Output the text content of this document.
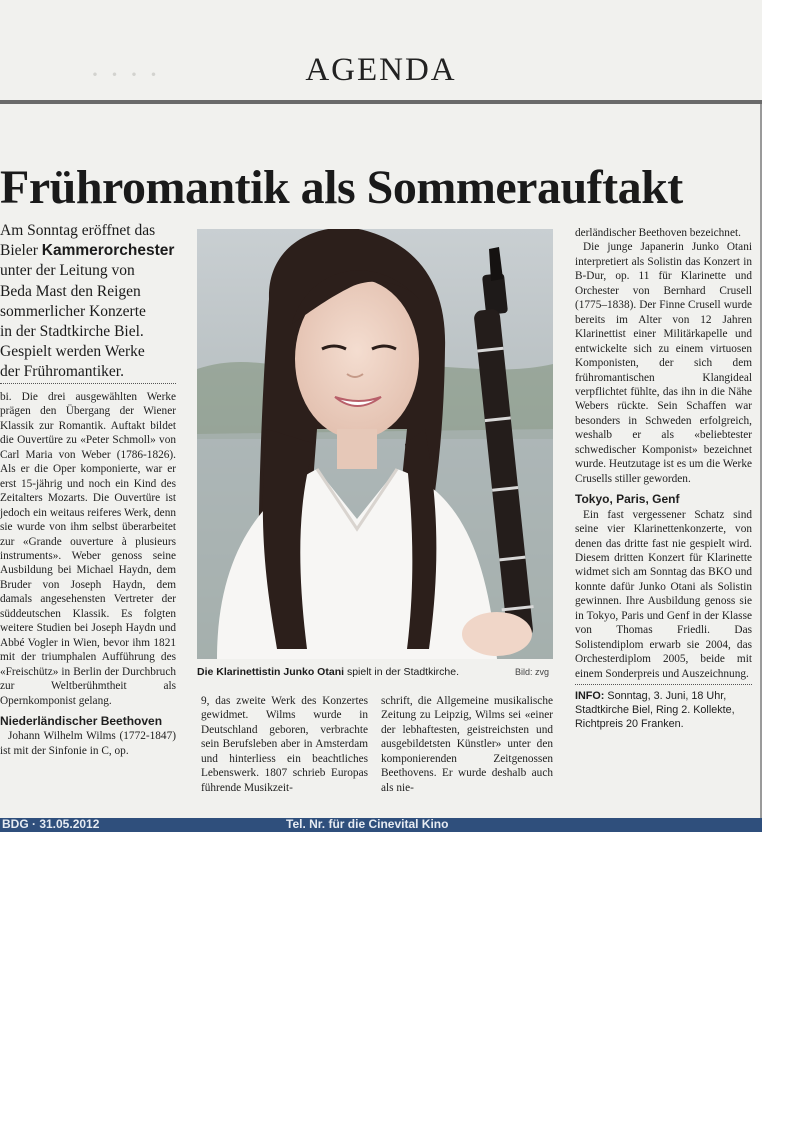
· · · ·	AGENDA
Frühromantik als Sommerauftakt
Am Sonntag eröffnet das
Bieler Kammerorchester
unter der Leitung von
Beda Mast den Reigen
sommerlicher Konzerte
in der Stadtkirche Biel.
Gespielt werden Werke
der Frühromantiker.

bi. Die drei ausgewählten Werke prägen den Übergang der Wiener Klassik zur Romantik. Auftakt bildet die Ouvertüre zu «Peter Schmoll» von Carl Maria von Weber (1786-1826). Als er die Oper komponierte, war er erst 15-jährig und noch ein Kind des Zeitalters Mozarts. Die Ouvertüre ist jedoch ein weitaus reiferes Werk, denn sie wurde von ihm selbst überarbeitet zur «Grande ouverture à plusieurs instruments». Weber genoss seine Ausbildung bei Michael Haydn, dem Bruder von Joseph Haydn, dem damals angesehensten Vertreter der süddeutschen Klassik. Es folgten weitere Studien bei Joseph Haydn und Abbé Vogler in Wien, bevor ihm 1821 mit der triumphalen Aufführung des «Freischütz» in Berlin der Durchbruch zur Weltberühmtheit als Opernkomponist gelang.

Niederländischer Beethoven

Johann Wilhelm Wilms (1772-1847) ist mit der Sinfonie in C, op.

Die Klarinettistin Junko Otani spielt in der Stadtkirche.	Bild: zvg

9, das zweite Werk des Konzertes gewidmet. Wilms wurde in Deutschland geboren, verbrachte sein Berufsleben aber in Amsterdam und hinterliess ein beachtliches Lebenswerk. 1807 schrieb Europas führende Musikzeit-

schrift, die Allgemeine musikalische Zeitung zu Leipzig, Wilms sei «einer der lebhaftesten, geistreichsten und ausgebildetsten Künstler» unter den komponierenden Zeitgenossen Beethovens. Er wurde deshalb auch als nie-

derländischer Beethoven bezeichnet.

Die junge Japanerin Junko Otani interpretiert als Solistin das Konzert in B-Dur, op. 11 für Klarinette und Orchester von Bernhard Crusell (1775–1838). Der Finne Crusell wurde bereits im Alter von 12 Jahren Klarinettist einer Militärkapelle und entwickelte sich zu einem virtuosen Komponisten, der sich dem frühromantischen Klangideal verpflichtet fühlte, das ihn in die Nähe Webers rückte. Sein Schaffen war besonders in Schweden erfolgreich, weshalb er als «beliebtester schwedischer Komponist» bezeichnet wurde. Heutzutage ist es um die Werke Crusells stiller geworden.

Tokyo, Paris, Genf

Ein fast vergessener Schatz sind seine vier Klarinettenkonzerte, von denen das dritte fast nie gespielt wird. Diesem dritten Konzert für Klarinette widmet sich am Sonntag das BKO und konnte dafür Junko Otani als Solistin gewinnen. Ihre Ausbildung genoss sie in Tokyo, Paris und Genf in der Klasse von Thomas Friedli. Das Solistendiplom erwarb sie 2004, das Orchesterdiplom 2005, beide mit einem Sonderpreis und Auszeichnung.

INFO: Sonntag, 3. Juni, 18 Uhr, Stadtkirche Biel, Ring 2. Kollekte, Richtpreis 20 Franken.

BDG · 31.05.2012	Tel. Nr. für die Cinevital Kino
